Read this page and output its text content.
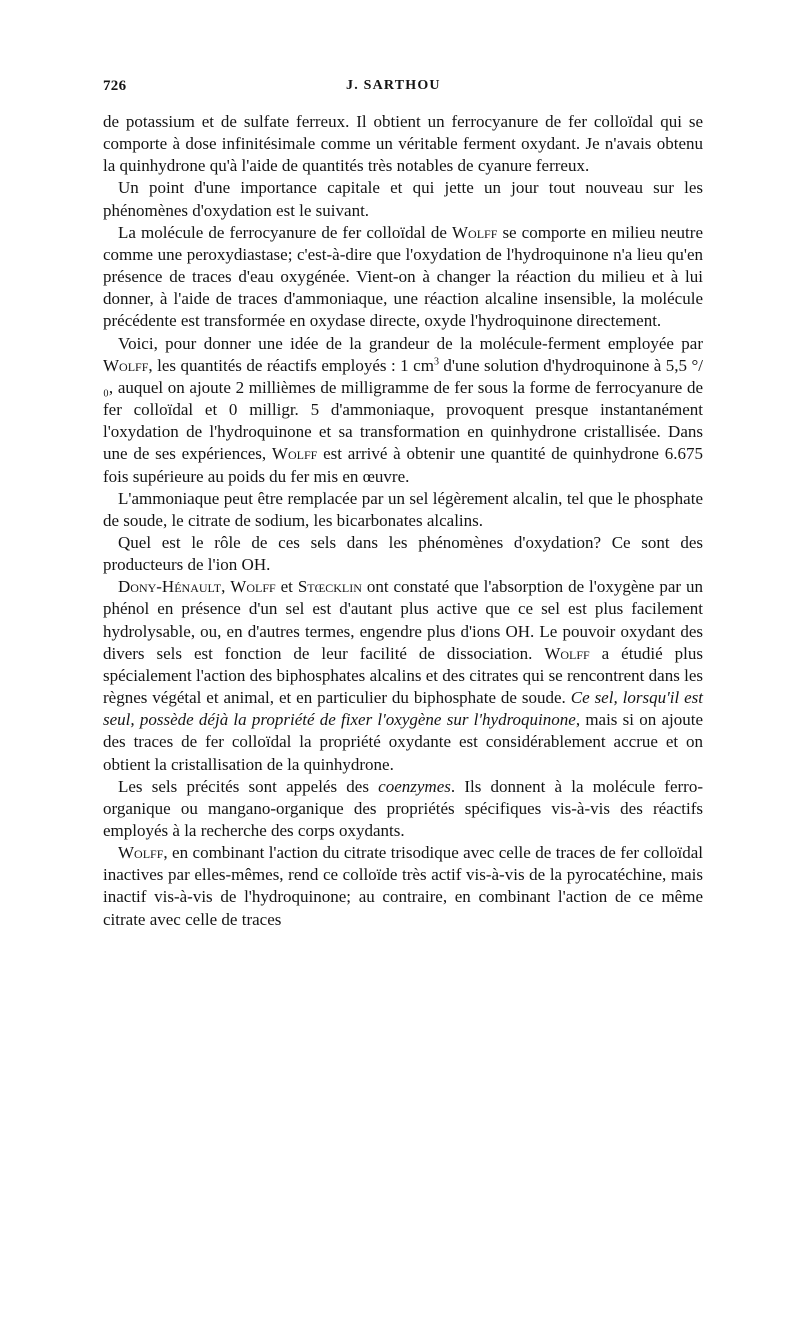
726	J. SARTHOU

de potassium et de sulfate ferreux. Il obtient un ferrocyanure de fer colloïdal qui se comporte à dose infinitésimale comme un véritable ferment oxydant. Je n'avais obtenu la quinhydrone qu'à l'aide de quantités très notables de cyanure ferreux.

Un point d'une importance capitale et qui jette un jour tout nouveau sur les phénomènes d'oxydation est le suivant.

La molécule de ferrocyanure de fer colloïdal de Wolff se comporte en milieu neutre comme une peroxydiastase; c'est-à-dire que l'oxydation de l'hydroquinone n'a lieu qu'en présence de traces d'eau oxygénée. Vient-on à changer la réaction du milieu et à lui donner, à l'aide de traces d'ammoniaque, une réaction alcaline insensible, la molécule précédente est transformée en oxydase directe, oxyde l'hydroquinone directement.

Voici, pour donner une idée de la grandeur de la molécule-ferment employée par Wolff, les quantités de réactifs employés : 1 $cm^3$ d'une solution d'hydroquinone à 5,5 °/₀, auquel on ajoute 2 millièmes de milligramme de fer sous la forme de ferrocyanure de fer colloïdal et 0 milligr. 5 d'ammoniaque, provoquent presque instantanément l'oxydation de l'hydroquinone et sa transformation en quinhydrone cristallisée. Dans une de ses expériences, Wolff est arrivé à obtenir une quantité de quinhydrone 6.675 fois supérieure au poids du fer mis en œuvre.

L'ammoniaque peut être remplacée par un sel légèrement alcalin, tel que le phosphate de soude, le citrate de sodium, les bicarbonates alcalins.

Quel est le rôle de ces sels dans les phénomènes d'oxydation? Ce sont des producteurs de l'ion OH.

Dony-Hénault, Wolff et Stœcklin ont constaté que l'absorption de l'oxygène par un phénol en présence d'un sel est d'autant plus active que ce sel est plus facilement hydrolysable, ou, en d'autres termes, engendre plus d'ions OH. Le pouvoir oxydant des divers sels est fonction de leur facilité de dissociation. Wolff a étudié plus spécialement l'action des biphosphates alcalins et des citrates qui se rencontrent dans les règnes végétal et animal, et en particulier du biphosphate de soude. Ce sel, lorsqu'il est seul, possède déjà la propriété de fixer l'oxygène sur l'hydroquinone, mais si on ajoute des traces de fer colloïdal la propriété oxydante est considérablement accrue et on obtient la cristallisation de la quinhydrone.

Les sels précités sont appelés des coenzymes. Ils donnent à la molécule ferro-organique ou mangano-organique des propriétés spécifiques vis-à-vis des réactifs employés à la recherche des corps oxydants.

Wolff, en combinant l'action du citrate trisodique avec celle de traces de fer colloïdal inactives par elles-mêmes, rend ce colloïde très actif vis-à-vis de la pyrocatéchine, mais inactif vis-à-vis de l'hydroquinone; au contraire, en combinant l'action de ce même citrate avec celle de traces
